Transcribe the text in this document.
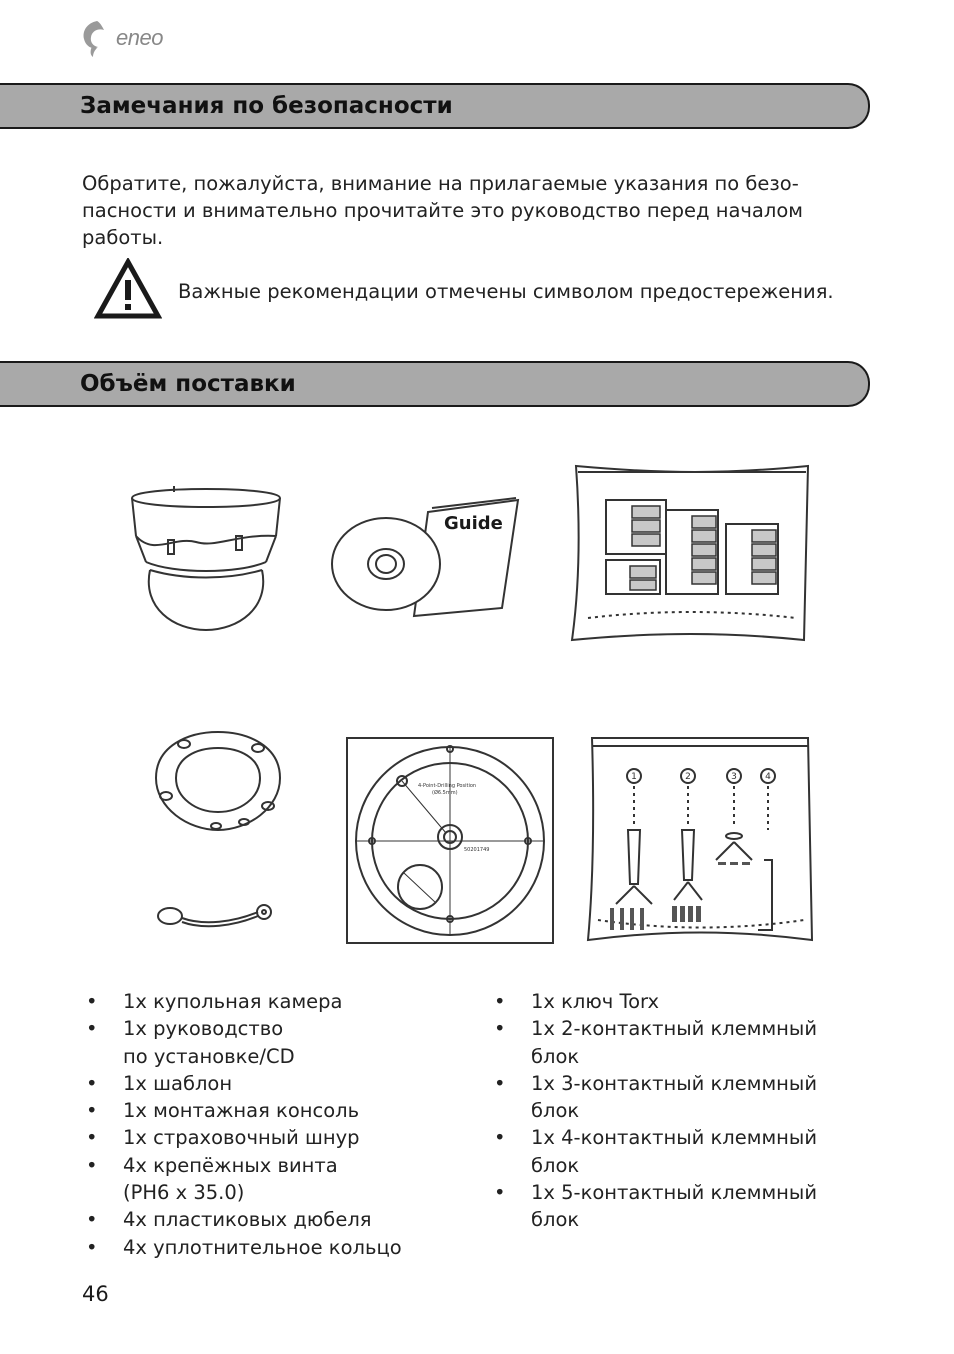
eneo
Замечания по безопасности

Обратите, пожалуйста, внимание на прилагаемые указания по безо-
пасности и внимательно прочитайте это руководство перед началом
работы.

Важные рекомендации отмечены символом предостережения.

Объём поставки
Guide
4-Point-Drilling Position
(Ø6.5mm)
50201749
1	2	3	4
• 1x купольная камера
• 1x руководство
по установке/CD
• 1x шаблон
• 1x монтажная консоль
• 1x страховочный шнур
• 4x крепёжных винта
(PH6 x 35.0)
• 4x пластиковых дюбеля
• 4x уплотнительное кольцо
• 1x ключ Torx
• 1x 2-контактный клеммный
блок
• 1x 3-контактный клеммный
блок
• 1x 4-контактный клеммный
блок
• 1x 5-контактный клеммный
блок

46
